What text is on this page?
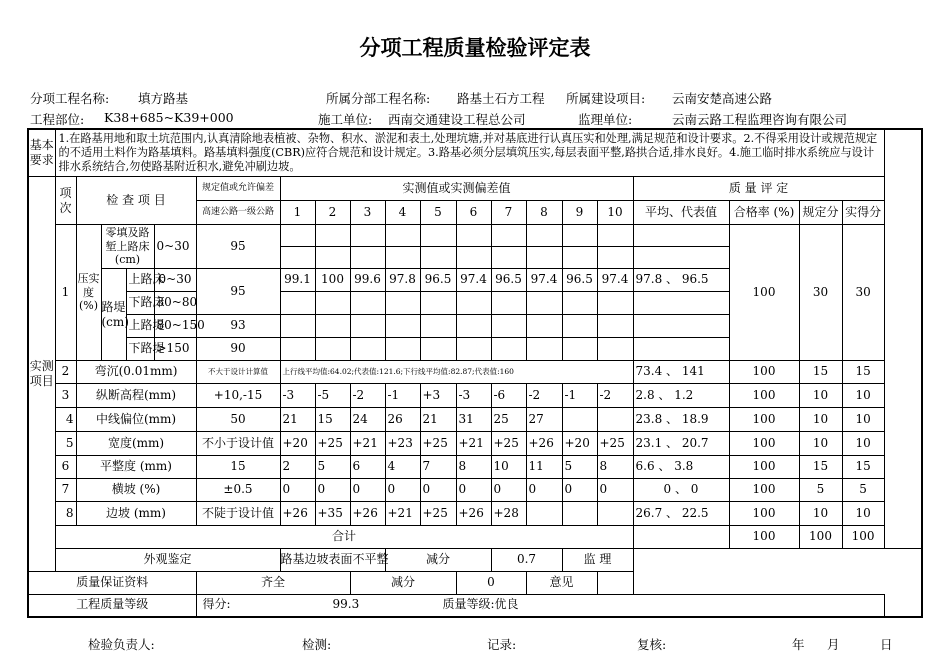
分项工程质量检验评定表
分项工程名称: 填方路基	所属分部工程名称: 路基土石方工程 所属建设项目: 云南安楚高速公路
工程部位: K38+685~K39+000	施工单位: 西南交通建设工程总公司	监理单位:	云南云路工程监理咨询有限公司
基本要求	1.在路基用地和取土坑范围内,认真清除地表植被、杂物、积水、淤泥和表土,处理坑塘,并对基底进行认真压实和处理,满足规范和设计要求。2.不得采用设计或规范规定的不适用土料作为路基填料。路基填料强度(CBR)应符合规范和设计规定。3.路基必须分层填筑压实,每层表面平整,路拱合适,排水良好。4.施工临时排水系统应与设计排水系统结合,勿使路基附近积水,避免冲刷边坡。																			
实测项目	项次	检 查 项 目				规定值或允许偏差	实测值或实测偏差值										质 量 评 定			
						高速公路一级公路	1	2	3	4	5	6	7	8	9	10	平均、代表值	合格率 (%)	规定分	实得分
	1	压实度(%)	零填及路堑上路床(cm)		0~30	95												100	30	30

			路堤(cm)	上路床	0~30	95	99.1	100	99.6	97.8	96.5	97.4	96.5	97.4	96.5	97.4	97.8 、 96.5			
				下路床	30~80															
				上路堤	80~150	93														
				下路堤	>150	90														
	2	弯沉(0.01mm)				不大于设计计算值	上行线平均值:64.02;代表值:121.6;下行线平均值:82.87;代表值:160										73.4 、 141	100	15	15
	3	纵断高程(mm)				+10,-15	-3	-5	-2	-1	+3	-3	-6	-2	-1	-2	2.8 、 1.2	100	10	10
	4	中线偏位(mm)				50	21	15	24	26	21	31	25	27			23.8 、 18.9	100	10	10
	5	宽度(mm)				不小于设计值	+20	+25	+21	+23	+25	+21	+25	+26	+20	+25	23.1 、 20.7	100	10	10
	6	平整度 (mm)				15	2	5	6	4	7	8	10	11	5	8	6.6 、 3.8	100	15	15
	7	横坡 (%)				±0.5	0	0	0	0	0	0	0	0	0	0	0 、 0	100	5	5
	8	边坡 (mm)				不陡于设计值	+26	+35	+26	+21	+25	+26	+28				26.7 、 22.5	100	10	10
	合计																	100	100	100
	外观鉴定						路基边坡表面不平整			减分			0.7		监 理					
质量保证资料						齐全			减分			0		意见						
工程质量等级						得分: 99.3 质量等级:优良														
检验负责人:	检测:	记录:	复核:	年 月	日
